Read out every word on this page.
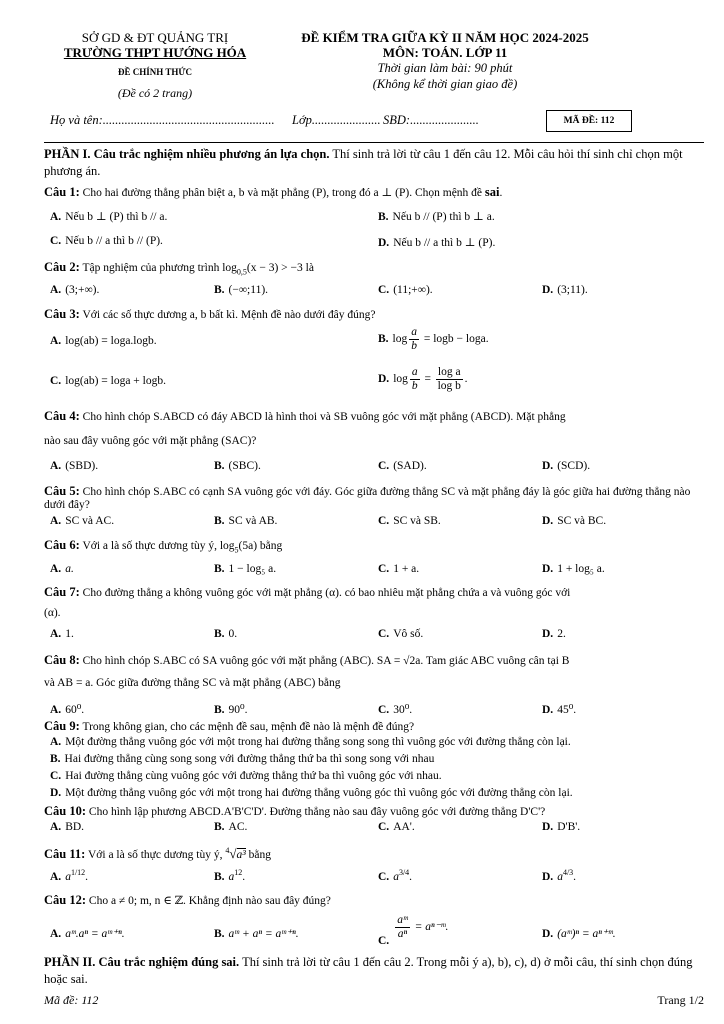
SỞ GD & ĐT QUẢNG TRỊ
TRƯỜNG THPT HƯỚNG HÓA
ĐỀ CHÍNH THỨC
(Đề có 2 trang)
ĐỀ KIỂM TRA GIỮA KỲ II NĂM HỌC 2024-2025
MÔN: TOÁN. LỚP 11
Thời gian làm bài: 90 phút
(Không kể thời gian giao đề)
Họ và tên:....................................................... Lớp...................... SBD:......................	MÃ ĐỀ: 112
PHẦN I. Câu trắc nghiệm nhiều phương án lựa chọn. Thí sinh trả lời từ câu 1 đến câu 12. Mỗi câu hỏi thí sinh chỉ chọn một phương án.
Câu 1: Cho hai đường thẳng phân biệt a, b và mặt phẳng (P), trong đó a ⊥ (P). Chọn mệnh đề sai.
A. Nếu b ⊥ (P) thì b // a.	B. Nếu b // (P) thì b ⊥ a.
C. Nếu b // a thì b // (P).	D. Nếu b // a thì b ⊥ (P).
Câu 2: Tập nghiệm của phương trình $\log_{0,5}(x - 3) > -3$ là
A. (3;+∞).	B. (−∞;11).	C. (11;+∞).	D. (3;11).
Câu 3: Với các số thực dương a, b bất kì. Mệnh đề nào dưới đây đúng?
A. log(ab) = loga.logb.	B. $\log \frac{a}{b} = \log b - \log a$.
C. log(ab) = loga + logb.	D. $\log \frac{a}{b} = \frac{\text{log a}}{\text{log b}}$ .
Câu 4: Cho hình chóp S.ABCD có đáy ABCD là hình thoi và SB vuông góc với mặt phẳng (ABCD). Mặt phẳng
nào sau đây vuông góc với mặt phẳng (SAC)?
A. (SBD).	B. (SBC).	C. (SAD).	D. (SCD).
Câu 5: Cho hình chóp S.ABC có cạnh SA vuông góc với đáy. Góc giữa đường thẳng SC và mặt phẳng đáy là góc giữa hai đường thẳng nào dưới đây?
A. SC và AC.	B. SC và AB.	C. SC và SB.	D. SC và BC.
Câu 6: Với a là số thực dương tùy ý, $\log_5(5a)$ bằng
A. a.	B. 1 − log₅ a.	C. 1 + a.	D. 1 + log₅ a.
Câu 7: Cho đường thẳng a không vuông góc với mặt phẳng (α). có bao nhiêu mặt phẳng chứa a và vuông góc với
(α).
A. 1.	B. 0.	C. Vô số.	D. 2.
Câu 8: Cho hình chóp S.ABC có SA vuông góc với mặt phẳng (ABC). SA = √2a. Tam giác ABC vuông cân tại B
và AB = a. Góc giữa đường thẳng SC và mặt phẳng (ABC) bằng
A. 60⁰.	B. 90⁰.	C. 30⁰.	D. 45⁰.
Câu 9: Trong không gian, cho các mệnh đề sau, mệnh đề nào là mệnh đề đúng?
A. Một đường thẳng vuông góc với một trong hai đường thẳng song song thì vuông góc với đường thẳng còn lại.
B. Hai đường thẳng cùng song song với đường thẳng thứ ba thì song song với nhau
C. Hai đường thẳng cùng vuông góc với đường thẳng thứ ba thì vuông góc với nhau.
D. Một đường thẳng vuông góc với một trong hai đường thẳng vuông góc thì vuông góc với đường thẳng còn lại.
Câu 10: Cho hình lập phương ABCD.A'B'C'D'. Đường thẳng nào sau đây vuông góc với đường thẳng D'C'?
A. BD.	B. AC.	C. AA'.	D. D'B'.
Câu 11: Với a là số thực dương tùy ý, $^4$√a³ bằng
A. $a^{1/12}$.	B. $a^{12}$.	C. $a^{3/4}$.	D. $a^{4/3}$.
Câu 12: Cho a ≠ 0; m, n ∈ ℤ. Khẳng định nào sau đây đúng?
A. aᵐ.aⁿ = aᵐ⁺ⁿ.	B. aᵐ + aⁿ = aᵐ⁺ⁿ.
C.
$\frac{\text{aᵐ}}{\text{aⁿ}}$ = aⁿ⁻ᵐ.
D. (aᵐ)ⁿ = aⁿ⁺ᵐ.
PHẦN II. Câu trắc nghiệm đúng sai. Thí sinh trả lời từ câu 1 đến câu 2. Trong mỗi ý a), b), c), d) ở mỗi câu, thí sinh chọn đúng hoặc sai.
Mã đề: 112	Trang 1/2
